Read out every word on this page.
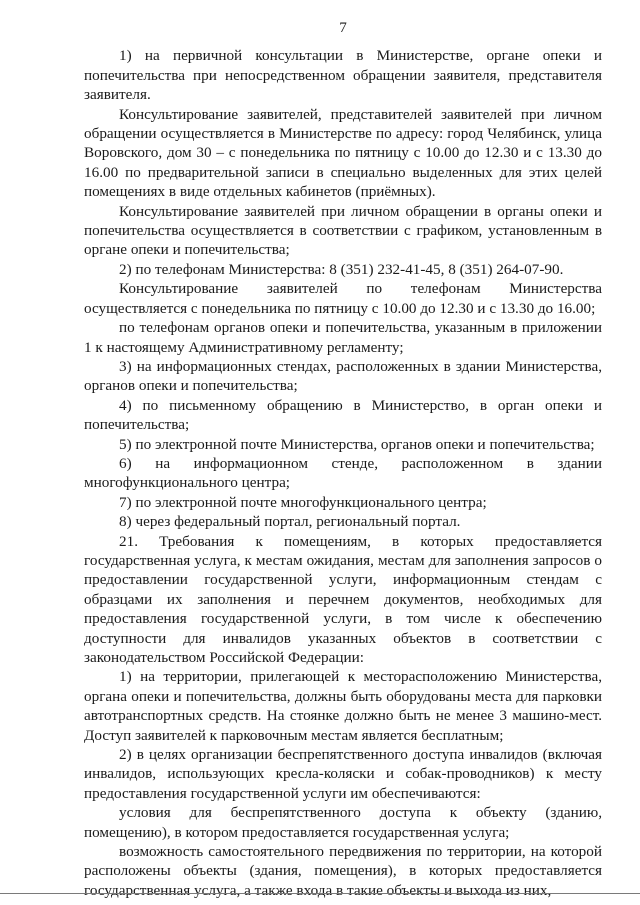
7

1) на первичной консультации в Министерстве, органе опеки и попечительства при непосредственном обращении заявителя, представителя заявителя.

Консультирование заявителей, представителей заявителей при личном обращении осуществляется в Министерстве по адресу: город Челябинск, улица Воровского, дом 30 – с понедельника по пятницу с 10.00 до 12.30 и с 13.30 до 16.00 по предварительной записи в специально выделенных для этих целей помещениях в виде отдельных кабинетов (приёмных).

Консультирование заявителей при личном обращении в органы опеки и попечительства осуществляется в соответствии с графиком, установленным в органе опеки и попечительства;

2) по телефонам Министерства: 8 (351) 232-41-45, 8 (351) 264-07-90.

Консультирование заявителей по телефонам Министерства осуществляется с понедельника по пятницу с 10.00 до 12.30 и с 13.30 до 16.00;

по телефонам органов опеки и попечительства, указанным в приложении 1 к настоящему Административному регламенту;

3) на информационных стендах, расположенных в здании Министерства, органов опеки и попечительства;

4) по письменному обращению в Министерство, в орган опеки и попечительства;

5) по электронной почте Министерства, органов опеки и попечительства;

6) на информационном стенде, расположенном в здании многофункционального центра;

7) по электронной почте многофункционального центра;

8) через федеральный портал, региональный портал.

21. Требования к помещениям, в которых предоставляется государственная услуга, к местам ожидания, местам для заполнения запросов о предоставлении государственной услуги, информационным стендам с образцами их заполнения и перечнем документов, необходимых для предоставления государственной услуги, в том числе к обеспечению доступности для инвалидов указанных объектов в соответствии с законодательством Российской Федерации:

1) на территории, прилегающей к месторасположению Министерства, органа опеки и попечительства, должны быть оборудованы места для парковки автотранспортных средств. На стоянке должно быть не менее 3 машино-мест. Доступ заявителей к парковочным местам является бесплатным;

2) в целях организации беспрепятственного доступа инвалидов (включая инвалидов, использующих кресла-коляски и собак-проводников) к месту предоставления государственной услуги им обеспечиваются:

условия для беспрепятственного доступа к объекту (зданию, помещению), в котором предоставляется государственная услуга;

возможность самостоятельного передвижения по территории, на которой расположены объекты (здания, помещения), в которых предоставляется государственная услуга, а также входа в такие объекты и выхода из них,
